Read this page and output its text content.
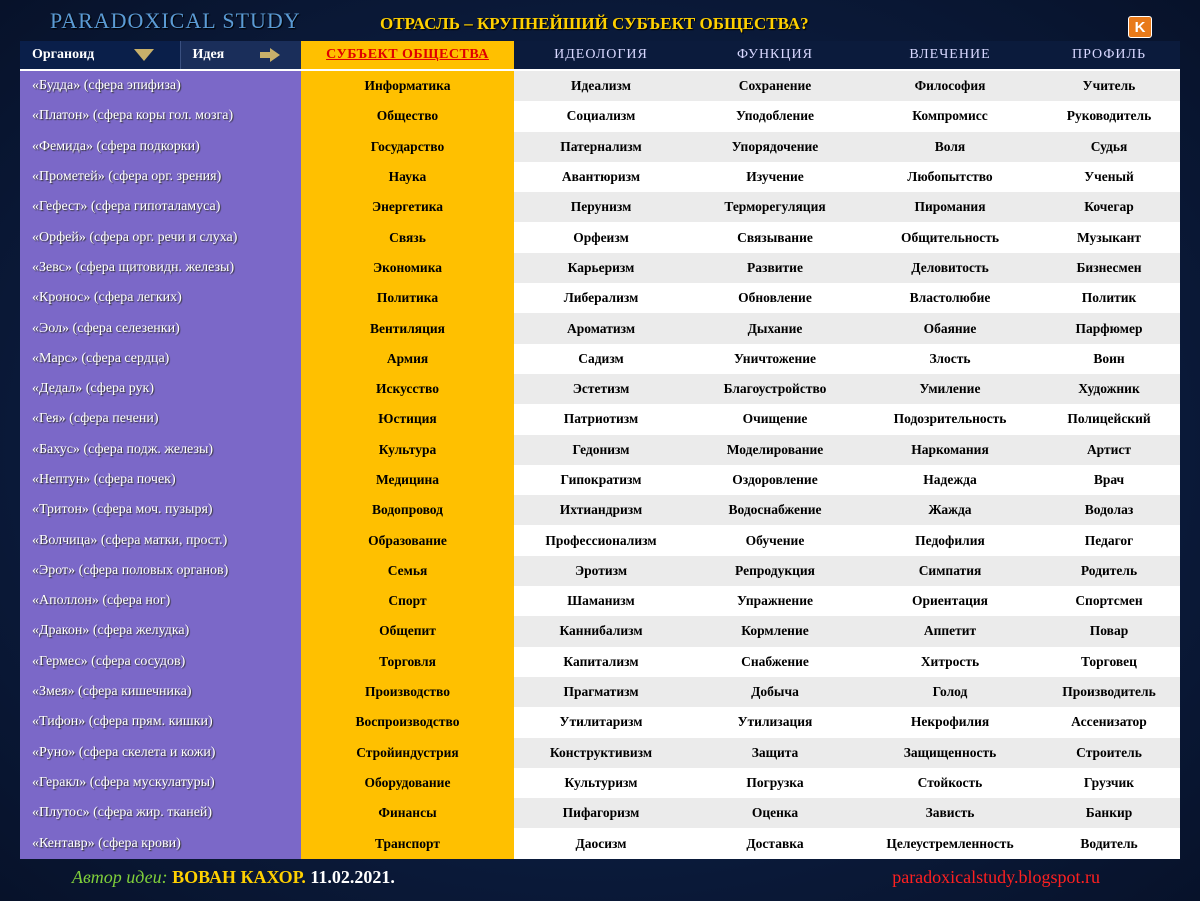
PARADOXICAL STUDY	ОТРАСЛЬ – КРУПНЕЙШИЙ СУБЪЕКТ ОБЩЕСТВА?	K
Органоид	Идея	СУБЪЕКТ ОБЩЕСТВА	ИДЕОЛОГИЯ	ФУНКЦИЯ	ВЛЕЧЕНИЕ	ПРОФИЛЬ
«Будда» (сфера эпифиза)		Информатика	Идеализм	Сохранение	Философия	Учитель
«Платон» (сфера коры гол. мозга)		Общество	Социализм	Уподобление	Компромисс	Руководитель
«Фемида» (сфера подкорки)		Государство	Патернализм	Упорядочение	Воля	Судья
«Прометей» (сфера орг. зрения)		Наука	Авантюризм	Изучение	Любопытство	Ученый
«Гефест» (сфера гипоталамуса)		Энергетика	Перунизм	Терморегуляция	Пиромания	Кочегар
«Орфей» (сфера орг. речи и слуха)		Связь	Орфеизм	Связывание	Общительность	Музыкант
«Зевс» (сфера щитовидн. железы)		Экономика	Карьеризм	Развитие	Деловитость	Бизнесмен
«Кронос» (сфера легких)		Политика	Либерализм	Обновление	Властолюбие	Политик
«Эол» (сфера селезенки)		Вентиляция	Ароматизм	Дыхание	Обаяние	Парфюмер
«Марс» (сфера сердца)		Армия	Садизм	Уничтожение	Злость	Воин
«Дедал» (сфера рук)		Искусство	Эстетизм	Благоустройство	Умиление	Художник
«Гея» (сфера печени)		Юстиция	Патриотизм	Очищение	Подозрительность	Полицейский
«Бахус» (сфера подж. железы)		Культура	Гедонизм	Моделирование	Наркомания	Артист
«Нептун» (сфера почек)		Медицина	Гипократизм	Оздоровление	Надежда	Врач
«Тритон» (сфера моч. пузыря)		Водопровод	Ихтиандризм	Водоснабжение	Жажда	Водолаз
«Волчица» (сфера матки, прост.)		Образование	Профессионализм	Обучение	Педофилия	Педагог
«Эрот» (сфера половых органов)		Семья	Эротизм	Репродукция	Симпатия	Родитель
«Аполлон» (сфера ног)		Спорт	Шаманизм	Упражнение	Ориентация	Спортсмен
«Дракон» (сфера желудка)		Общепит	Каннибализм	Кормление	Аппетит	Повар
«Гермес» (сфера сосудов)		Торговля	Капитализм	Снабжение	Хитрость	Торговец
«Змея» (сфера кишечника)		Производство	Прагматизм	Добыча	Голод	Производитель
«Тифон» (сфера прям. кишки)		Воспроизводство	Утилитаризм	Утилизация	Некрофилия	Ассенизатор
«Руно» (сфера скелета и кожи)		Стройиндустрия	Конструктивизм	Защита	Защищенность	Строитель
«Геракл» (сфера мускулатуры)		Оборудование	Культуризм	Погрузка	Стойкость	Грузчик
«Плутос» (сфера жир. тканей)		Финансы	Пифагоризм	Оценка	Зависть	Банкир
«Кентавр» (сфера крови)		Транспорт	Даосизм	Доставка	Целеустремленность	Водитель
Автор идеи: ВОВАН КАХОР. 11.02.2021.	paradoxicalstudy.blogspot.ru
